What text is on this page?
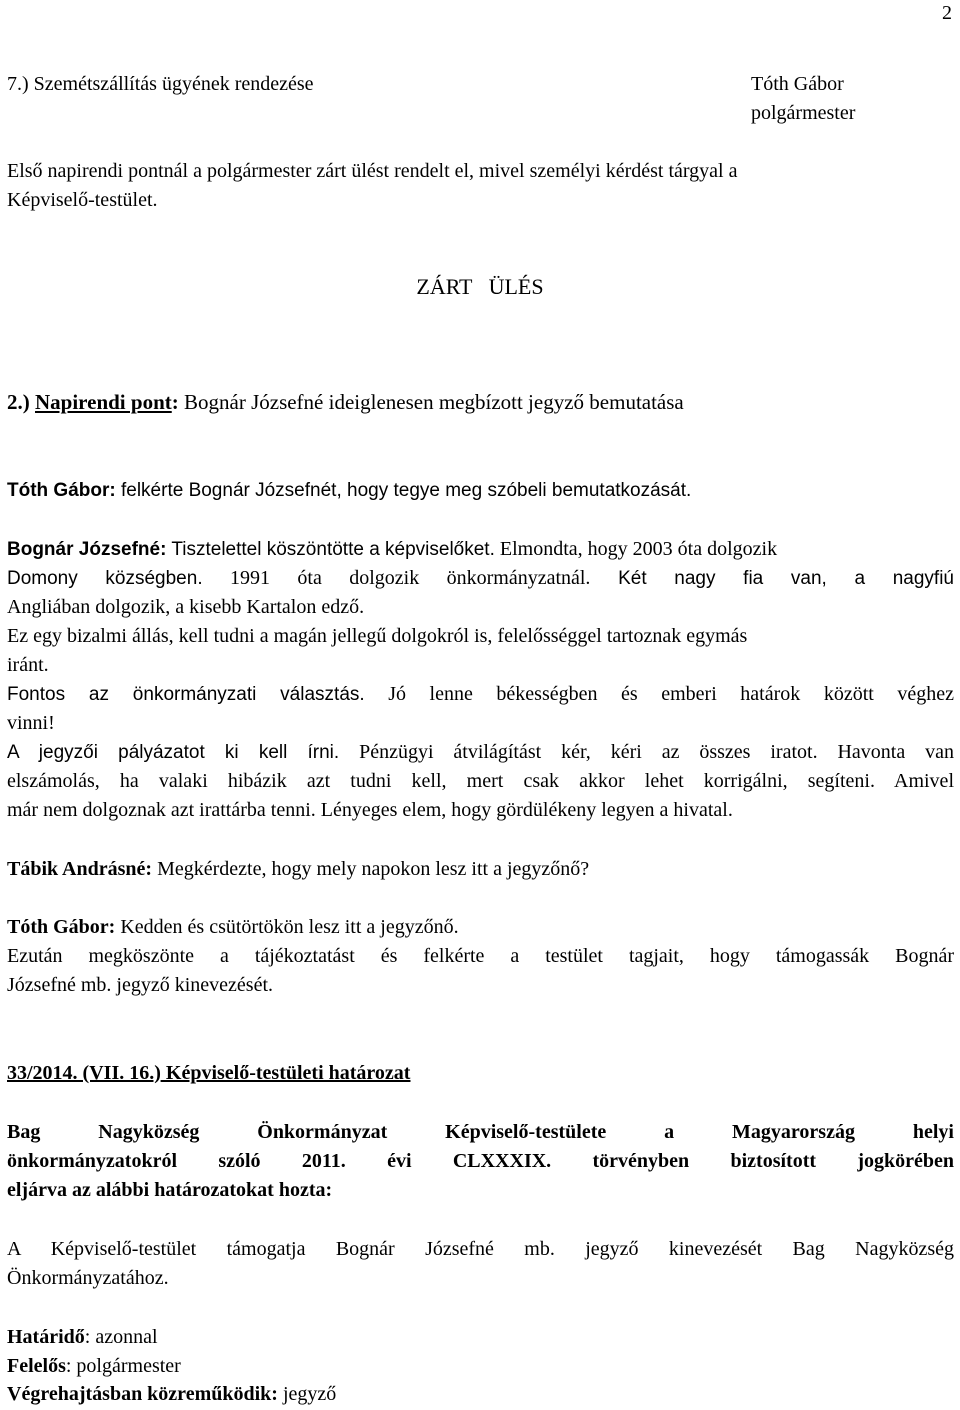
2
7.) Szemétszállítás ügyének rendezése	Tóth Gábor
polgármester
Első napirendi pontnál a polgármester zárt ülést rendelt el, mivel személyi kérdést tárgyal a
Képviselő-testület.
ZÁRT   ÜLÉS
2.) Napirendi pont: Bognár Józsefné ideiglenesen megbízott jegyző bemutatása
Tóth Gábor: felkérte Bognár Józsefnét, hogy tegye meg szóbeli bemutatkozását.
Bognár Józsefné: Tisztelettel köszöntötte a képviselőket. Elmondta, hogy 2003 óta dolgozik
Domony községben. 1991 óta dolgozik önkormányzatnál. Két nagy fia van, a nagyfiú
Angliában dolgozik, a kisebb Kartalon edző.
Ez egy bizalmi állás, kell tudni a magán jellegű dolgokról is, felelősséggel tartoznak egymás
iránt.
Fontos az önkormányzati választás. Jó lenne békességben és emberi határok között véghez
vinni!
A jegyzői pályázatot ki kell írni. Pénzügyi átvilágítást kér, kéri az összes iratot. Havonta van
elszámolás, ha valaki hibázik azt tudni kell, mert csak akkor lehet korrigálni, segíteni. Amivel
már nem dolgoznak azt irattárba tenni. Lényeges elem, hogy gördülékeny legyen a hivatal.
Tábik Andrásné: Megkérdezte, hogy mely napokon lesz itt a jegyzőnő?
Tóth Gábor: Kedden és csütörtökön lesz itt a jegyzőnő.
Ezután megköszönte a tájékoztatást és felkérte a testület tagjait, hogy támogassák Bognár
Józsefné mb. jegyző kinevezését.
33/2014. (VII. 16.) Képviselő-testületi határozat
Bag Nagyközség Önkormányzat Képviselő-testülete a Magyarország helyi
önkormányzatokról szóló 2011. évi CLXXXIX. törvényben biztosított jogkörében
eljárva az alábbi határozatokat hozta:
A Képviselő-testület támogatja Bognár Józsefné mb. jegyző kinevezését Bag Nagyközség
Önkormányzatához.
Határidő: azonnal
Felelős: polgármester
Végrehajtásban közreműködik: jegyző
